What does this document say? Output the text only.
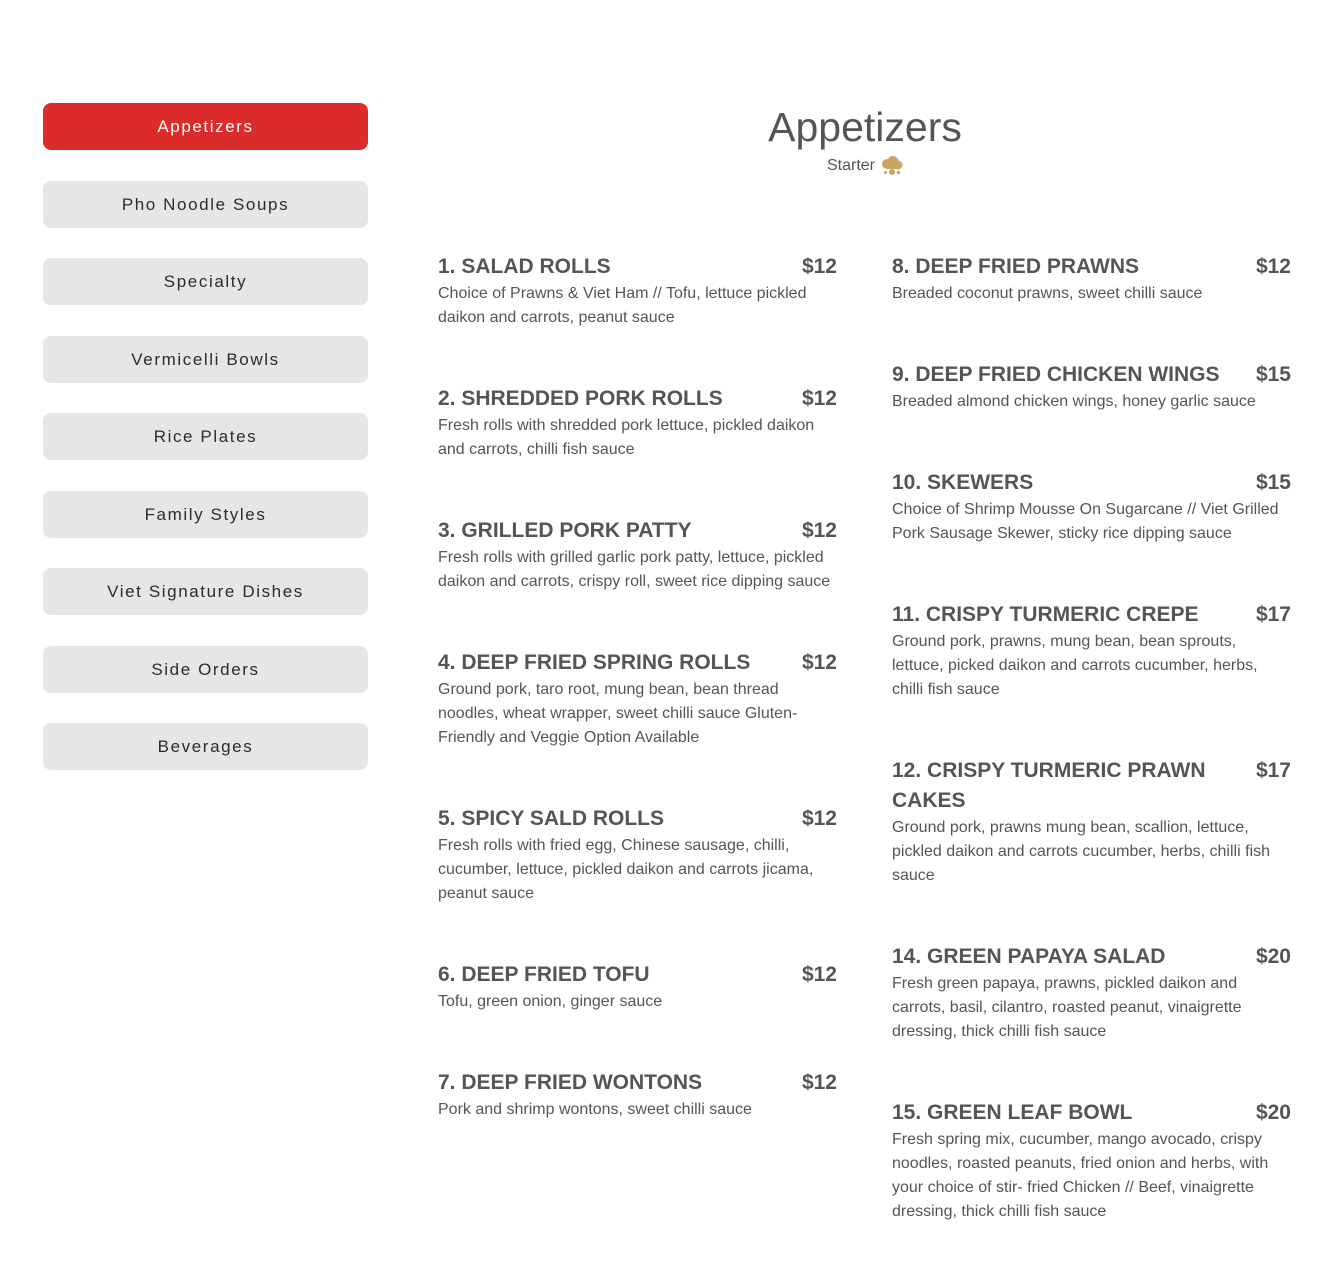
Appetizers
Pho Noodle Soups
Specialty
Vermicelli Bowls
Rice Plates
Family Styles
Viet Signature Dishes
Side Orders
Beverages
Appetizers
Starter
1. SALAD ROLLS	$12
Choice of Prawns & Viet Ham // Tofu, lettuce pickled daikon and carrots, peanut sauce
2. SHREDDED PORK ROLLS	$12
Fresh rolls with shredded pork lettuce, pickled daikon and carrots, chilli fish sauce
3. GRILLED PORK PATTY	$12
Fresh rolls with grilled garlic pork patty, lettuce, pickled daikon and carrots, crispy roll, sweet rice dipping sauce
4. DEEP FRIED SPRING ROLLS	$12
Ground pork, taro root, mung bean, bean thread noodles, wheat wrapper, sweet chilli sauce Gluten-Friendly and Veggie Option Available
5. SPICY SALD ROLLS	$12
Fresh rolls with fried egg, Chinese sausage, chilli, cucumber, lettuce, pickled daikon and carrots jicama, peanut sauce
6. DEEP FRIED TOFU	$12
Tofu, green onion, ginger sauce
7. DEEP FRIED WONTONS	$12
Pork and shrimp wontons, sweet chilli sauce
8. DEEP FRIED PRAWNS	$12
Breaded coconut prawns, sweet chilli sauce
9. DEEP FRIED CHICKEN WINGS	$15
Breaded almond chicken wings, honey garlic sauce
10. SKEWERS	$15
Choice of Shrimp Mousse On Sugarcane // Viet Grilled Pork Sausage Skewer, sticky rice dipping sauce
11. CRISPY TURMERIC CREPE	$17
Ground pork, prawns, mung bean, bean sprouts, lettuce, picked daikon and carrots cucumber, herbs, chilli fish sauce
12. CRISPY TURMERIC PRAWN CAKES
$17
Ground pork, prawns mung bean, scallion, lettuce, pickled daikon and carrots cucumber, herbs, chilli fish sauce
14. GREEN PAPAYA SALAD	$20
Fresh green papaya, prawns, pickled daikon and carrots, basil, cilantro, roasted peanut, vinaigrette dressing, thick chilli fish sauce
15. GREEN LEAF BOWL	$20
Fresh spring mix, cucumber, mango avocado, crispy noodles, roasted peanuts, fried onion and herbs, with your choice of stir- fried Chicken // Beef, vinaigrette dressing, thick chilli fish sauce
